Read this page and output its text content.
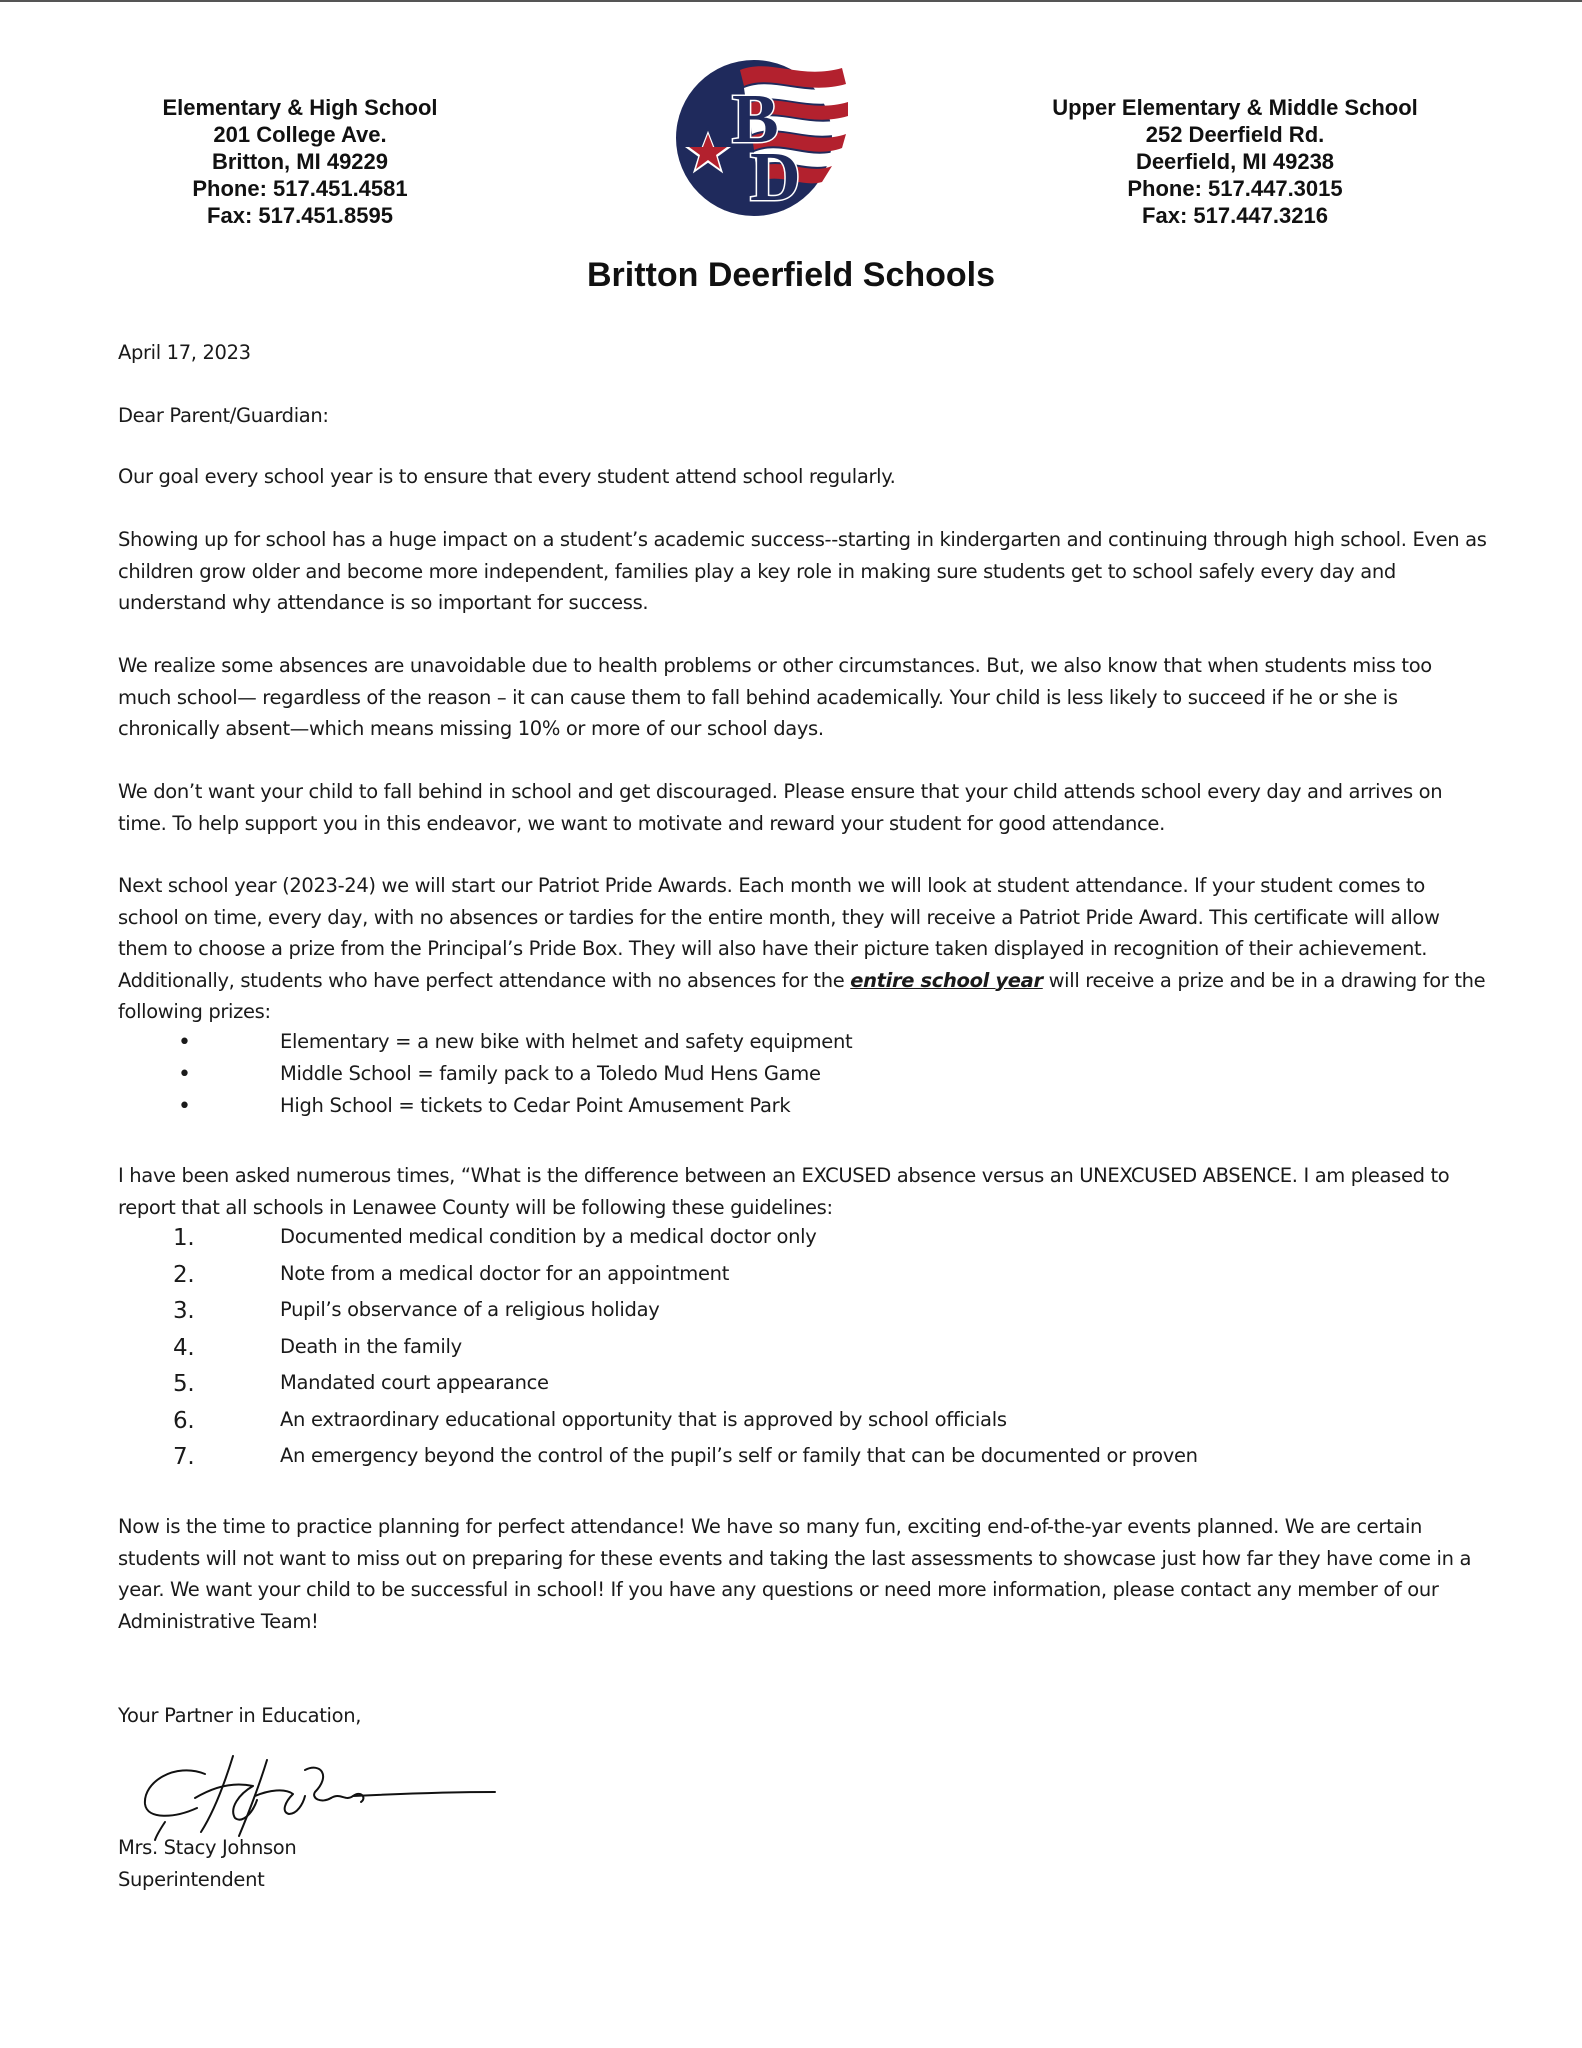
Elementary & High School
201 College Ave.
Britton, MI 49229
Phone: 517.451.4581
Fax: 517.451.8595
B
D
Upper Elementary & Middle School
252 Deerfield Rd.
Deerfield, MI 49238
Phone: 517.447.3015
Fax: 517.447.3216
Britton Deerfield Schools
April 17, 2023
Dear Parent/Guardian:
Our goal every school year is to ensure that every student attend school regularly.
Showing up for school has a huge impact on a student’s academic success--starting in kindergarten and continuing through high school. Even as children grow older and become more independent, families play a key role in making sure students get to school safely every day and understand why attendance is so important for success.
We realize some absences are unavoidable due to health problems or other circumstances. But, we also know that when students miss too much school— regardless of the reason – it can cause them to fall behind academically. Your child is less likely to succeed if he or she is chronically absent—which means missing 10% or more of our school days.
We don’t want your child to fall behind in school and get discouraged. Please ensure that your child attends school every day and arrives on time. To help support you in this endeavor, we want to motivate and reward your student for good attendance.
Next school year (2023-24) we will start our Patriot Pride Awards. Each month we will look at student attendance. If your student comes to school on time, every day, with no absences or tardies for the entire month, they will receive a Patriot Pride Award. This certificate will allow them to choose a prize from the Principal’s Pride Box. They will also have their picture taken displayed in recognition of their achievement. Additionally, students who have perfect attendance with no absences for the entire school year will receive a prize and be in a drawing for the following prizes:
•	Elementary = a new bike with helmet and safety equipment
•	Middle School = family pack to a Toledo Mud Hens Game
•	High School = tickets to Cedar Point Amusement Park
I have been asked numerous times, “What is the difference between an EXCUSED absence versus an UNEXCUSED ABSENCE. I am pleased to report that all schools in Lenawee County will be following these guidelines:
1.	Documented medical condition by a medical doctor only
2.	Note from a medical doctor for an appointment
3.	Pupil’s observance of a religious holiday
4.	Death in the family
5.	Mandated court appearance
6.	An extraordinary educational opportunity that is approved by school officials
7.	An emergency beyond the control of the pupil’s self or family that can be documented or proven
Now is the time to practice planning for perfect attendance! We have so many fun, exciting end-of-the-yar events planned. We are certain students will not want to miss out on preparing for these events and taking the last assessments to showcase just how far they have come in a year. We want your child to be successful in school! If you have any questions or need more information, please contact any member of our Administrative Team!
Your Partner in Education,
Mrs. Stacy Johnson
Superintendent
